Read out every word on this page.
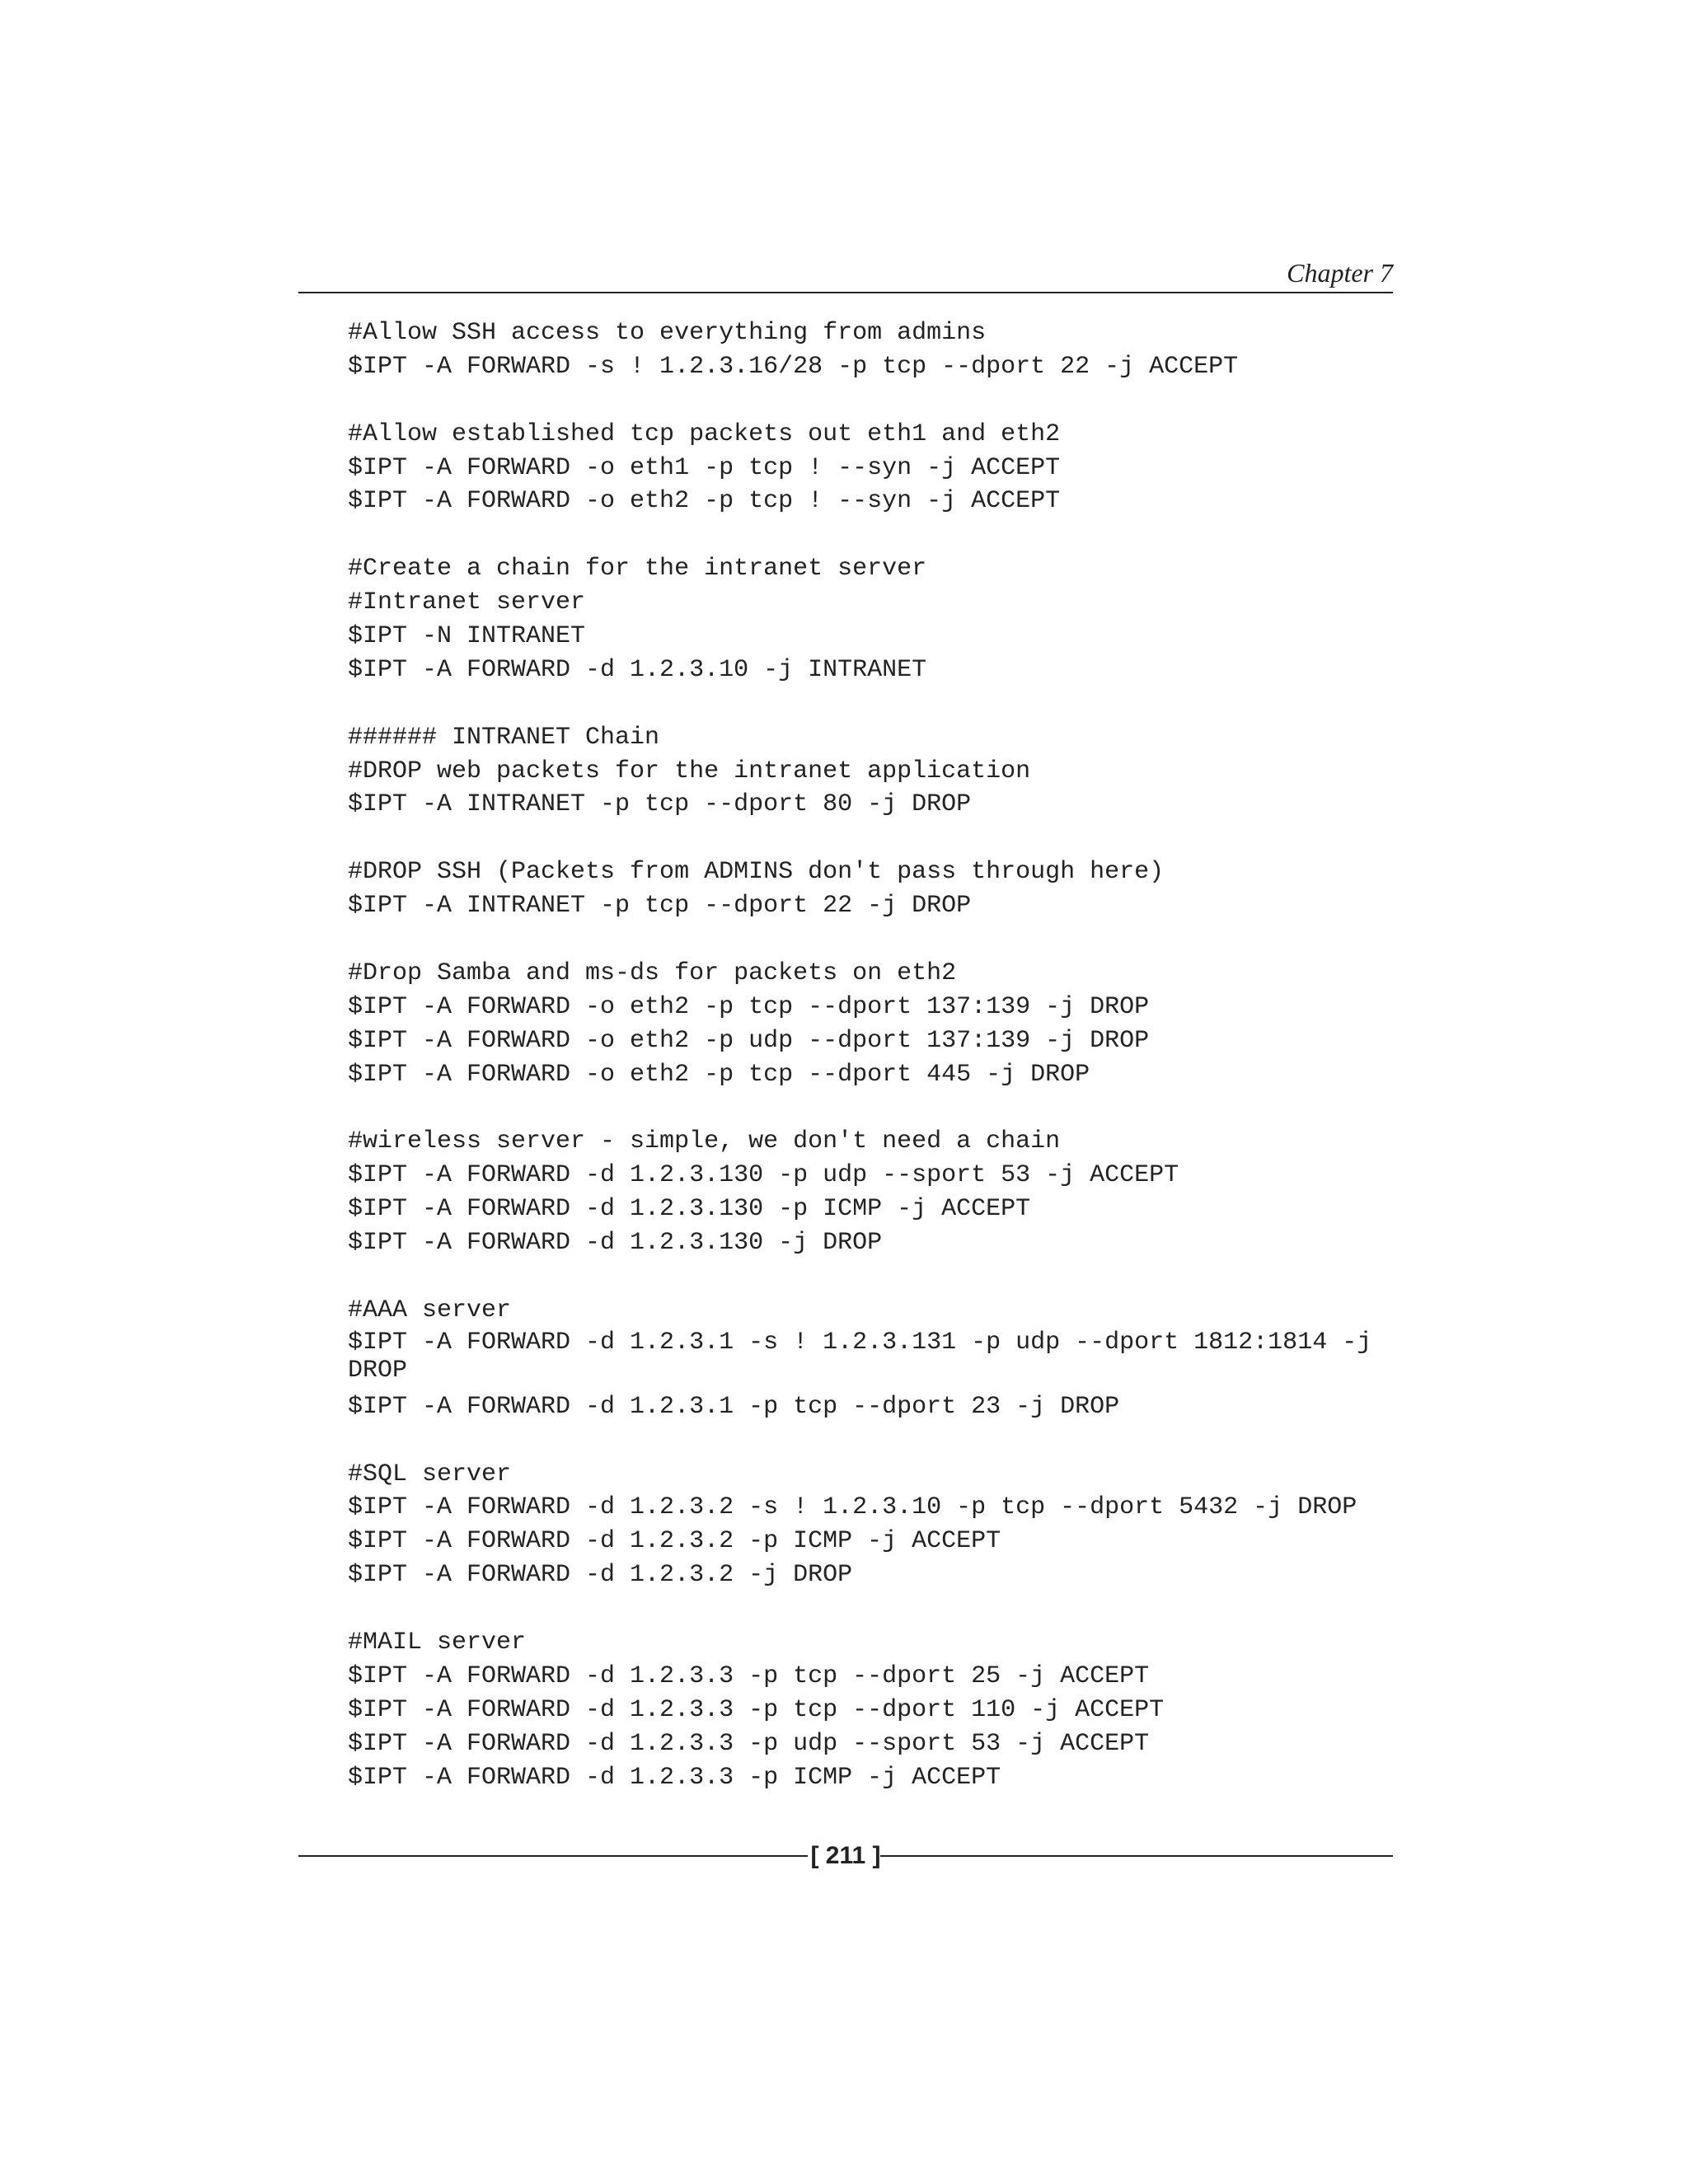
Chapter 7
#Allow SSH access to everything from admins
$IPT -A FORWARD -s ! 1.2.3.16/28 -p tcp --dport 22 -j ACCEPT
#Allow established tcp packets out eth1 and eth2
$IPT -A FORWARD -o eth1 -p tcp ! --syn -j ACCEPT
$IPT -A FORWARD -o eth2 -p tcp ! --syn -j ACCEPT
#Create a chain for the intranet server
#Intranet server
$IPT -N INTRANET
$IPT -A FORWARD -d 1.2.3.10 -j INTRANET
###### INTRANET Chain
#DROP web packets for the intranet application
$IPT -A INTRANET -p tcp --dport 80 -j DROP
#DROP SSH (Packets from ADMINS don't pass through here)
$IPT -A INTRANET -p tcp --dport 22 -j DROP
#Drop Samba and ms-ds for packets on eth2
$IPT -A FORWARD -o eth2 -p tcp --dport 137:139 -j DROP
$IPT -A FORWARD -o eth2 -p udp --dport 137:139 -j DROP
$IPT -A FORWARD -o eth2 -p tcp --dport 445 -j DROP
#wireless server - simple, we don't need a chain
$IPT -A FORWARD -d 1.2.3.130 -p udp --sport 53 -j ACCEPT
$IPT -A FORWARD -d 1.2.3.130 -p ICMP -j ACCEPT
$IPT -A FORWARD -d 1.2.3.130 -j DROP
#AAA server
$IPT -A FORWARD -d 1.2.3.1 -s ! 1.2.3.131 -p udp --dport 1812:1814 -j
DROP
$IPT -A FORWARD -d 1.2.3.1 -p tcp --dport 23 -j DROP
#SQL server
$IPT -A FORWARD -d 1.2.3.2 -s ! 1.2.3.10 -p tcp --dport 5432 -j DROP
$IPT -A FORWARD -d 1.2.3.2 -p ICMP -j ACCEPT
$IPT -A FORWARD -d 1.2.3.2 -j DROP
#MAIL server
$IPT -A FORWARD -d 1.2.3.3 -p tcp --dport 25 -j ACCEPT
$IPT -A FORWARD -d 1.2.3.3 -p tcp --dport 110 -j ACCEPT
$IPT -A FORWARD -d 1.2.3.3 -p udp --sport 53 -j ACCEPT
$IPT -A FORWARD -d 1.2.3.3 -p ICMP -j ACCEPT
[ 211 ]
